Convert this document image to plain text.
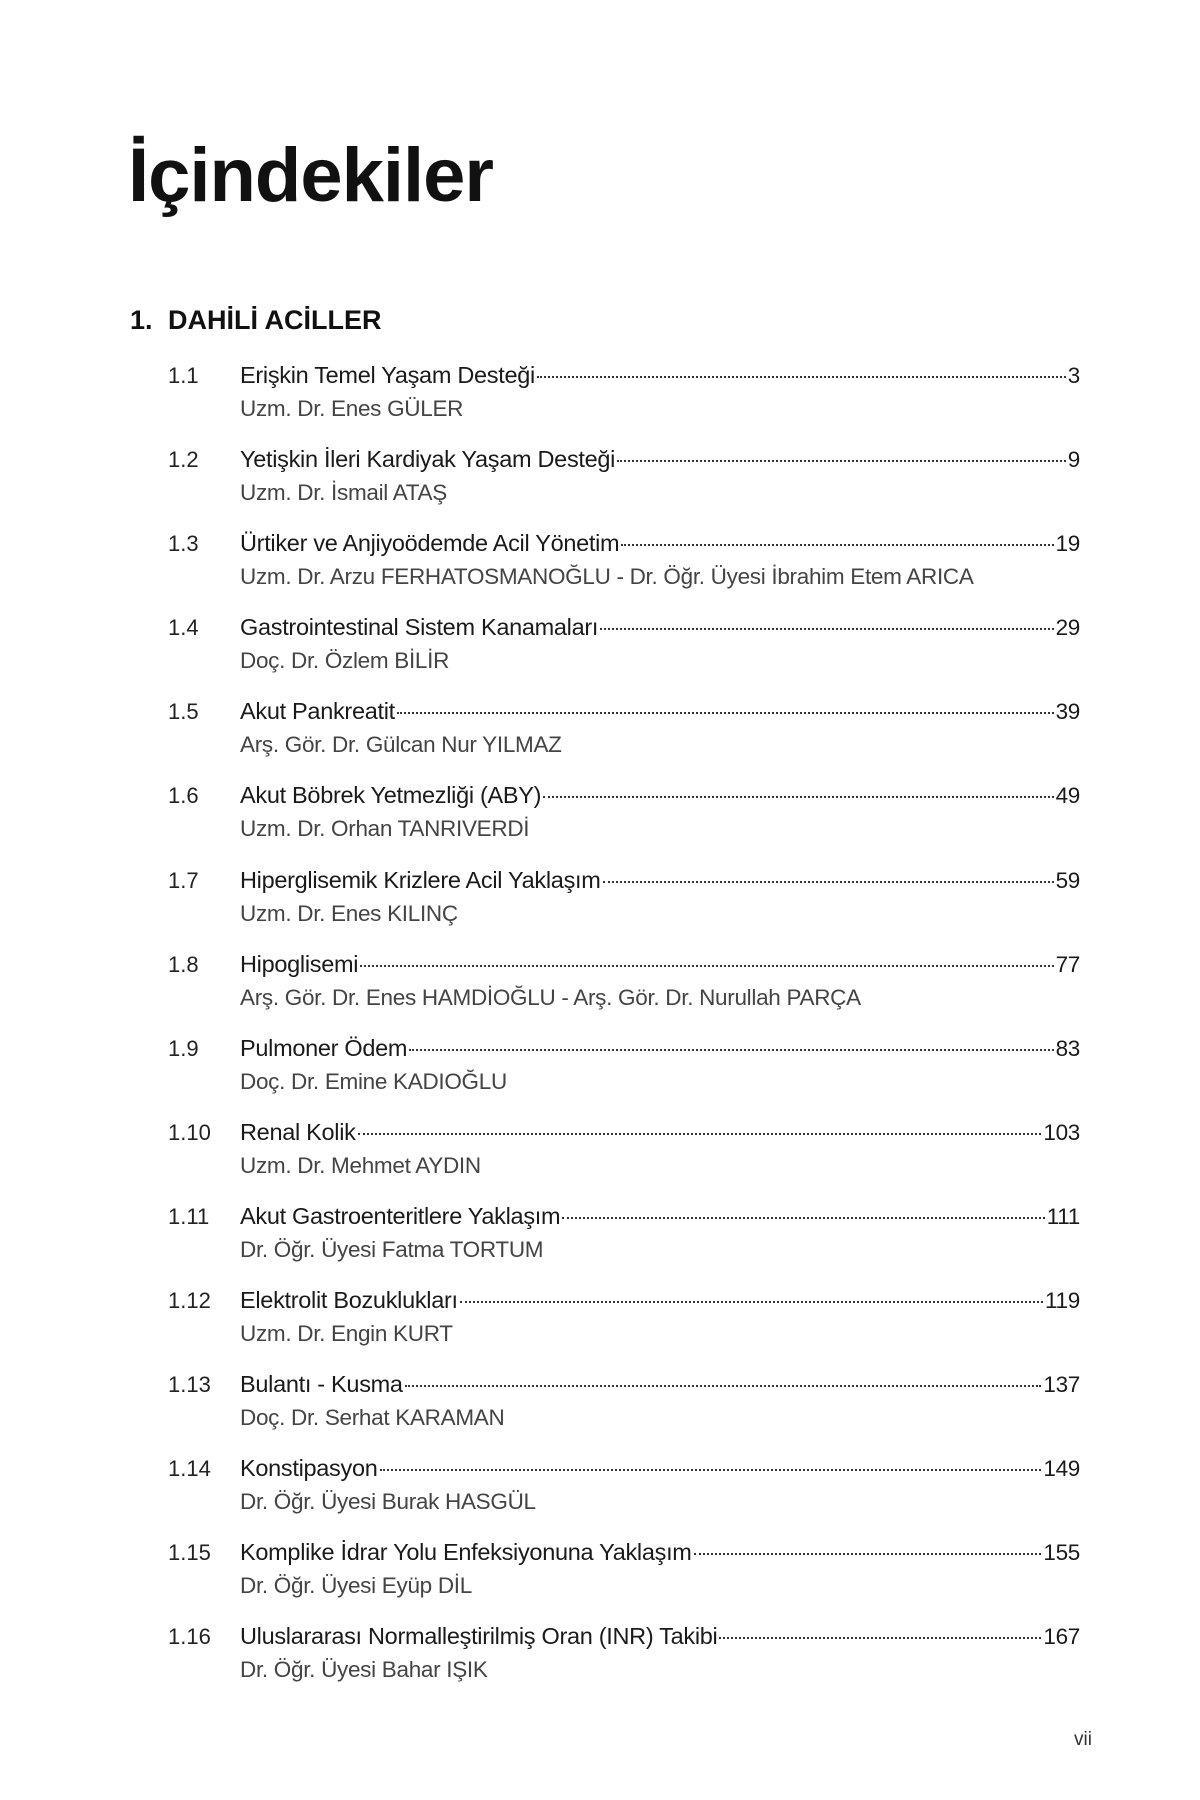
İçindekiler
1. DAHİLİ ACİLLER
1.1	Erişkin Temel Yaşam Desteği	3

Uzm. Dr. Enes GÜLER

1.2	Yetişkin İleri Kardiyak Yaşam Desteği	9

Uzm. Dr. İsmail ATAŞ

1.3	Ürtiker ve Anjiyoödemde Acil Yönetim	19

Uzm. Dr. Arzu FERHATOSMANOĞLU - Dr. Öğr. Üyesi İbrahim Etem ARICA

1.4	Gastrointestinal Sistem Kanamaları	29

Doç. Dr. Özlem BİLİR

1.5	Akut Pankreatit	39

Arş. Gör. Dr. Gülcan Nur YILMAZ

1.6	Akut Böbrek Yetmezliği (ABY)	49

Uzm. Dr. Orhan TANRIVERDİ

1.7	Hiperglisemik Krizlere Acil Yaklaşım	59

Uzm. Dr. Enes KILINÇ

1.8	Hipoglisemi	77

Arş. Gör. Dr. Enes HAMDİOĞLU - Arş. Gör. Dr. Nurullah PARÇA

1.9	Pulmoner Ödem	83

Doç. Dr. Emine KADIOĞLU

1.10	Renal Kolik	103

Uzm. Dr. Mehmet AYDIN

1.11	Akut Gastroenteritlere Yaklaşım	111

Dr. Öğr. Üyesi Fatma TORTUM

1.12	Elektrolit Bozuklukları	119

Uzm. Dr. Engin KURT

1.13	Bulantı - Kusma	137

Doç. Dr. Serhat KARAMAN

1.14	Konstipasyon	149

Dr. Öğr. Üyesi Burak HASGÜL

1.15	Komplike İdrar Yolu Enfeksiyonuna Yaklaşım	155

Dr. Öğr. Üyesi Eyüp DİL

1.16	Uluslararası Normalleştirilmiş Oran (INR) Takibi	167

Dr. Öğr. Üyesi Bahar IŞIK

vii
